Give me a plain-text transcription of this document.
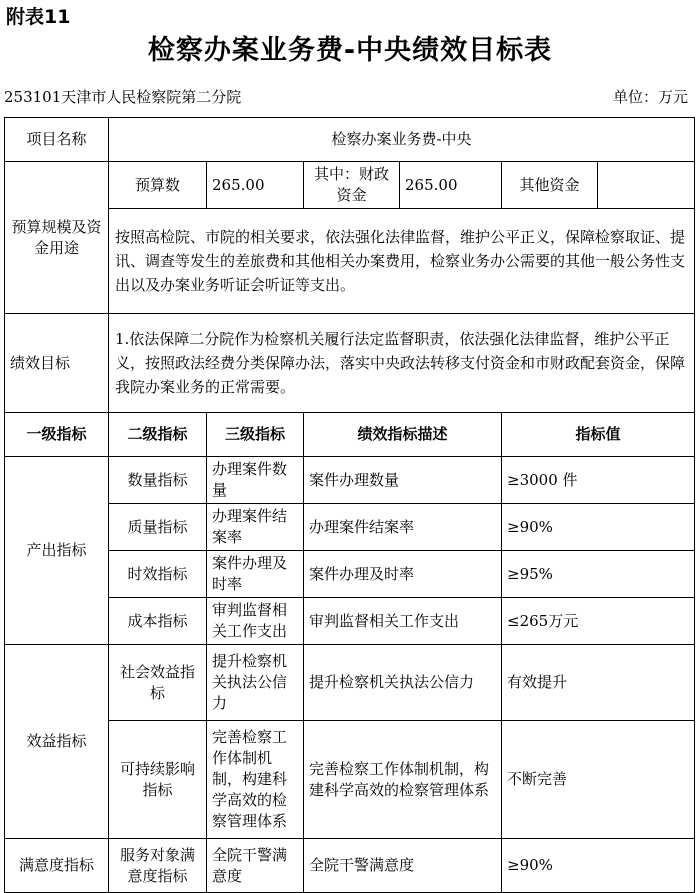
附表11
检察办案业务费-中央绩效目标表
253101天津市人民检察院第二分院	单位：万元
项目名称	检察办案业务费-中央					
预算规模及资金用途	预算数	265.00	其中：财政资金	265.00	其他资金	
	按照高检院、市院的相关要求，依法强化法律监督，维护公平正义，保障检察取证、提讯、调查等发生的差旅费和其他相关办案费用，检察业务办公需要的其他一般公务性支出以及办案业务听证会听证等支出。					
绩效目标	1.依法保障二分院作为检察机关履行法定监督职责，依法强化法律监督，维护公平正义，按照政法经费分类保障办法，落实中央政法转移支付资金和市财政配套资金，保障我院办案业务的正常需要。					
一级指标	二级指标	三级指标	绩效指标描述		指标值	
产出指标	数量指标	办理案件数量	案件办理数量		≥3000 件	
	质量指标	办理案件结案率	办理案件结案率		≥90%	
	时效指标	案件办理及时率	案件办理及时率		≥95%	
	成本指标	审判监督相关工作支出	审判监督相关工作支出		≤265万元	
效益指标	社会效益指标	提升检察机关执法公信力	提升检察机关执法公信力		有效提升	
	可持续影响指标	完善检察工作体制机制，构建科学高效的检察管理体系	完善检察工作体制机制，构建科学高效的检察管理体系		不断完善	
满意度指标	服务对象满意度指标	全院干警满意度	全院干警满意度		≥90%	
